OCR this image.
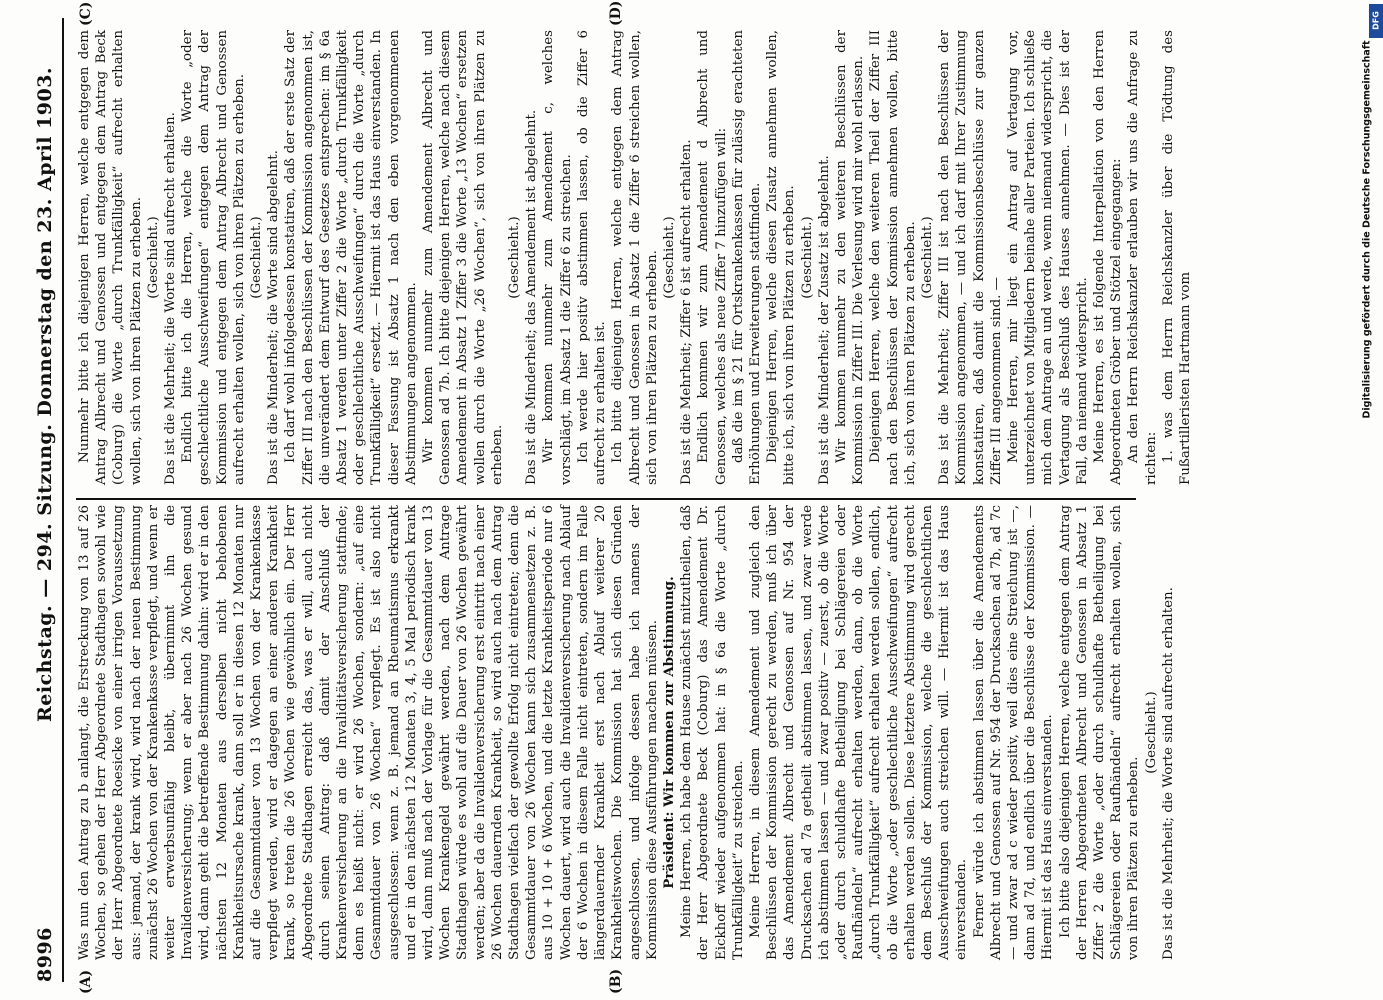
8996
Reichstag. — 294. Sitzung. Donnerstag den 23. April 1903.
(A)	(B)
(C)	(D)

Was nun den Antrag zu b anlangt, die Erstreckung von 13 auf 26 Wochen, so gehen der Herr Abgeordnete Stadthagen sowohl wie der Herr Abgeordnete Roesicke von einer irrigen Voraussetzung aus: jemand, der krank wird, wird nach der neuen Bestimmung zunächst 26 Wochen von der Krankenkasse verpflegt, und wenn er weiter erwerbsunfähig bleibt, übernimmt ihn die Invalidenversicherung; wenn er aber nach 26 Wochen gesund wird, dann geht die betreffende Bestimmung dahin: wird er in den nächsten 12 Monaten aus derselben nicht behobenen Krankheitsursache krank, dann soll er in diesen 12 Monaten nur auf die Gesammtdauer von 13 Wochen von der Krankenkasse verpflegt werden, wird er dagegen an einer anderen Krankheit krank, so treten die 26 Wochen wie gewöhnlich ein. Der Herr Abgeordnete Stadthagen erreicht das, was er will, auch nicht durch seinen Antrag: daß damit der Anschluß der Krankenversicherung an die Invaliditätsversicherung stattfinde; denn es heißt nicht: er wird 26 Wochen, sondern: „auf eine Gesammtdauer von 26 Wochen“ verpflegt. Es ist also nicht ausgeschlossen: wenn z. B. jemand an Rheumatismus erkrankt und er in den nächsten 12 Monaten 3, 4, 5 Mal periodisch krank wird, dann muß nach der Vorlage für die Gesammtdauer von 13 Wochen Krankengeld gewährt werden, nach dem Antrage Stadthagen würde es wohl auf die Dauer von 26 Wochen gewährt werden; aber da die Invalidenversicherung erst eintritt nach einer 26 Wochen dauernden Krankheit, so wird auch nach dem Antrag Stadthagen vielfach der gewollte Erfolg nicht eintreten; denn die Gesammtdauer von 26 Wochen kann sich zusammensetzen z. B. aus 10 + 10 + 6 Wochen, und die letzte Krankheitsperiode nur 6 Wochen dauert, wird auch die Invalidenversicherung nach Ablauf der 6 Wochen in diesem Falle nicht eintreten, sondern im Falle längerdauernder Krankheit erst nach Ablauf weiterer 20 Krankheitswochen. Die Kommission hat sich diesen Gründen angeschlossen, und infolge dessen habe ich namens der Kommission diese Ausführungen machen müssen. Präsident: Wir kommen zur Abstimmung. Meine Herren, ich habe dem Hause zunächst mitzutheilen, daß der Herr Abgeordnete Beck (Coburg) das Amendement Dr. Eickhoff wieder aufgenommen hat: in § 6a die Worte „durch Trunkfälligkeit“ zu streichen. Meine Herren, in diesem Amendement und zugleich den Beschlüssen der Kommission gerecht zu werden, muß ich über das Amendement Albrecht und Genossen auf Nr. 954 der Drucksachen ad 7a getheilt abstimmen lassen, und zwar werde ich abstimmen lassen — und zwar positiv — zuerst, ob die Worte „oder durch schuldhafte Betheiligung bei Schlägereien oder Raufhändeln“ aufrecht erhalten werden, dann, ob die Worte „durch Trunkfälligkeit“ aufrecht erhalten werden sollen, endlich, ob die Worte „oder geschlechtliche Ausschweifungen“ aufrecht erhalten werden sollen. Diese letztere Abstimmung wird gerecht dem Beschluß der Kommission, welche die geschlechtlichen Ausschweifungen auch streichen will. — Hiermit ist das Haus einverstanden. Ferner würde ich abstimmen lassen über die Amendements Albrecht und Genossen auf Nr. 954 der Drucksachen ad 7b, ad 7c — und zwar ad c wieder positiv, weil dies eine Streichung ist —, dann ad 7d, und endlich über die Beschlüsse der Kommission. — Hiermit ist das Haus einverstanden. Ich bitte also diejenigen Herren, welche entgegen dem Antrag der Herren Abgeordneten Albrecht und Genossen in Absatz 1 Ziffer 2 die Worte „oder durch schuldhafte Betheiligung bei Schlägereien oder Raufhändeln“ aufrecht erhalten wollen, sich von ihren Plätzen zu erheben.

(Geschieht.) Das ist die Mehrheit; die Worte sind aufrecht erhalten.

Nunmehr bitte ich diejenigen Herren, welche entgegen dem Antrag Albrecht und Genossen und entgegen dem Antrag Beck (Coburg) die Worte „durch Trunkfälligkeit“ aufrecht erhalten wollen, sich von ihren Plätzen zu erheben. (Geschieht.) Das ist die Mehrheit; die Worte sind aufrecht erhalten. Endlich bitte ich die Herren, welche die Worte „oder geschlechtliche Ausschweifungen“ entgegen dem Antrag der Kommission und entgegen dem Antrag Albrecht und Genossen aufrecht erhalten wollen, sich von ihren Plätzen zu erheben. (Geschieht.) Das ist die Minderheit; die Worte sind abgelehnt. Ich darf wohl infolgedessen konstatiren, daß der erste Satz der Ziffer III nach den Beschlüssen der Kommission angenommen ist, die unverändert dem Entwurf des Gesetzes entsprechen: im § 6a Absatz 1 werden unter Ziffer 2 die Worte „durch Trunkfälligkeit oder geschlechtliche Ausschweifungen“ durch die Worte „durch Trunkfälligkeit“ ersetzt. — Hiermit ist das Haus einverstanden. In dieser Fassung ist Absatz 1 nach den eben vorgenommenen Abstimmungen angenommen. Wir kommen nunmehr zum Amendement Albrecht und Genossen ad 7b. Ich bitte diejenigen Herren, welche nach diesem Amendement in Absatz 1 Ziffer 3 die Worte „13 Wochen“ ersetzen wollen durch die Worte „26 Wochen“, sich von ihren Plätzen zu erheben.

(Geschieht.) Das ist die Minderheit; das Amendement ist abgelehnt. Wir kommen nunmehr zum Amendement c, welches vorschlägt, im Absatz 1 die Ziffer 6 zu streichen. Ich werde hier positiv abstimmen lassen, ob die Ziffer 6 aufrecht zu erhalten ist. Ich bitte diejenigen Herren, welche entgegen dem Antrag Albrecht und Genossen in Absatz 1 die Ziffer 6 streichen wollen, sich von ihren Plätzen zu erheben. (Geschieht.) Das ist die Mehrheit; Ziffer 6 ist aufrecht erhalten. Endlich kommen wir zum Amendement d Albrecht und Genossen, welches als neue Ziffer 7 hinzufügen will: daß die im § 21 für Ortskrankenkassen für zulässig erachteten Erhöhungen und Erweiterungen stattfinden. Diejenigen Herren, welche diesen Zusatz annehmen wollen, bitte ich, sich von ihren Plätzen zu erheben. (Geschieht.) Das ist die Minderheit; der Zusatz ist abgelehnt. Wir kommen nunmehr zu den weiteren Beschlüssen der Kommission in Ziffer III. Die Verlesung wird mir wohl erlassen. Diejenigen Herren, welche den weiteren Theil der Ziffer III nach den Beschlüssen der Kommission annehmen wollen, bitte ich, sich von ihren Plätzen zu erheben. (Geschieht.) Das ist die Mehrheit; Ziffer III ist nach den Beschlüssen der Kommission angenommen, — und ich darf mit Ihrer Zustimmung konstatiren, daß damit die Kommissionsbeschlüsse zur ganzen Ziffer III angenommen sind. — Meine Herren, mir liegt ein Antrag auf Vertagung vor, unterzeichnet von Mitgliedern beinahe aller Parteien. Ich schließe mich dem Antrage an und werde, wenn niemand widerspricht, die Vertagung als Beschluß des Hauses annehmen. — Dies ist der Fall, da niemand widerspricht. Meine Herren, es ist folgende Interpellation von den Herren Abgeordneten Gröber und Stötzel eingegangen: An den Herrn Reichskanzler erlauben wir uns die Anfrage zu richten: 1. was dem Herrn Reichskanzler über die Tödtung des Fußartilleristen Hartmann vom

DFG
Digitalisierung gefördert durch die Deutsche Forschungsgemeinschaft
